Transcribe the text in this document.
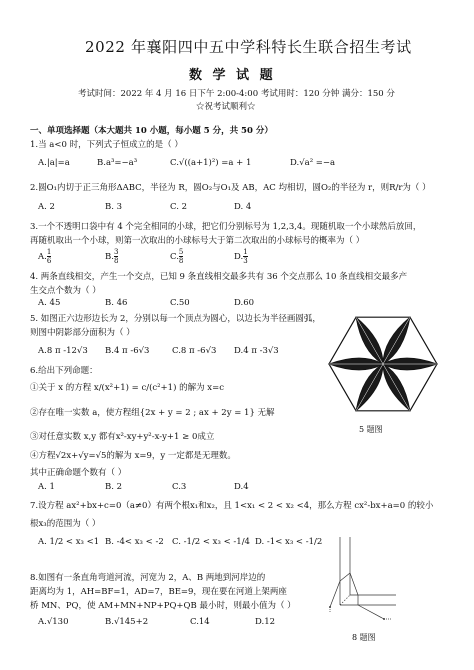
2022 年襄阳四中五中学科特长生联合招生考试
数 学 试 题
考试时间：2022 年 4 月 16 日下午 2:00-4:00 考试用时：120 分钟 满分：150 分
☆祝考试顺利☆
一、单项选择题（本大题共 10 小题，每小题 5 分，共 50 分）
1.当 a<0 时，下列式子恒成立的是（ ）
A.|a|=a	B.a³=−a³	C.√((a+1)²) =a + 1	D.√a² =−a
2.圆O₁内切于正三角形ΔABC，半径为 R，圆O₂与O₁及 AB，AC 均相切，圆O₂的半径为 r，则R/r为（ ）
A. 2	B. 3	C. 2	D. 4
3.一个不透明口袋中有 4 个完全相同的小球，把它们分别标号为 1,2,3,4。现随机取一个小球然后放回，
再随机取出一个小球，则第一次取出的小球标号大于第二次取出的小球标号的概率为（ ）
A. $\frac{1}{6}$	B. $\frac{3}{8}$	C. $\frac{5}{8}$	D. $\frac{1}{3}$
4. 两条直线相交，产生一个交点，已知 9 条直线相交最多共有 36 个交点那么 10 条直线相交最多产
生交点个数为（ ）
A. 45	B. 46	C.50	D.60
5. 如图正六边形边长为 2，分别以每一个顶点为圆心，以边长为半径画圆弧，
则图中阴影部分面积为（ ）
A.8 π -12√3 B.4 π -6√3	C.8 π -6√3 D.4 π -3√3
5 题图
6.给出下列命题：
①关于 x 的方程 x/(x²+1) = c/(c²+1) 的解为 x=c
②存在唯一实数 a，使方程组{2x + y = 2 ; ax + 2y = 1} 无解
③对任意实数 x,y 都有x²-xy+y²-x-y+1 ≥ 0成立
④方程√2x+√y=√5的解为 x=9，y 一定都是无理数。
其中正确命题个数有（ ）
A. 1	B. 2	C.3	D.4
7.设方程 ax²+bx+c=0（a≠0）有两个根x₁和x₂，且 1<x₁ < 2 < x₂ <4，那么方程 cx²-bx+a=0 的较小
根x₃的范围为（ ）
A. 1/2 < x₃ <1 B. -4< x₃ < -2 C. -1/2 < x₃ < -1/4 D. -1< x₃ < -1/2
8.如图有一条直角弯道河流，河宽为 2，A、B 两地到河岸边的
距离均为 1，AH=BF=1，AD=7，BE=9，现在要在河道上架两座
桥 MN、PQ，使 AM+MN+NP+PQ+QB 最小时，则最小值为（ ）
A.√130	B.√145+2	C.14	D.12
8 题图
